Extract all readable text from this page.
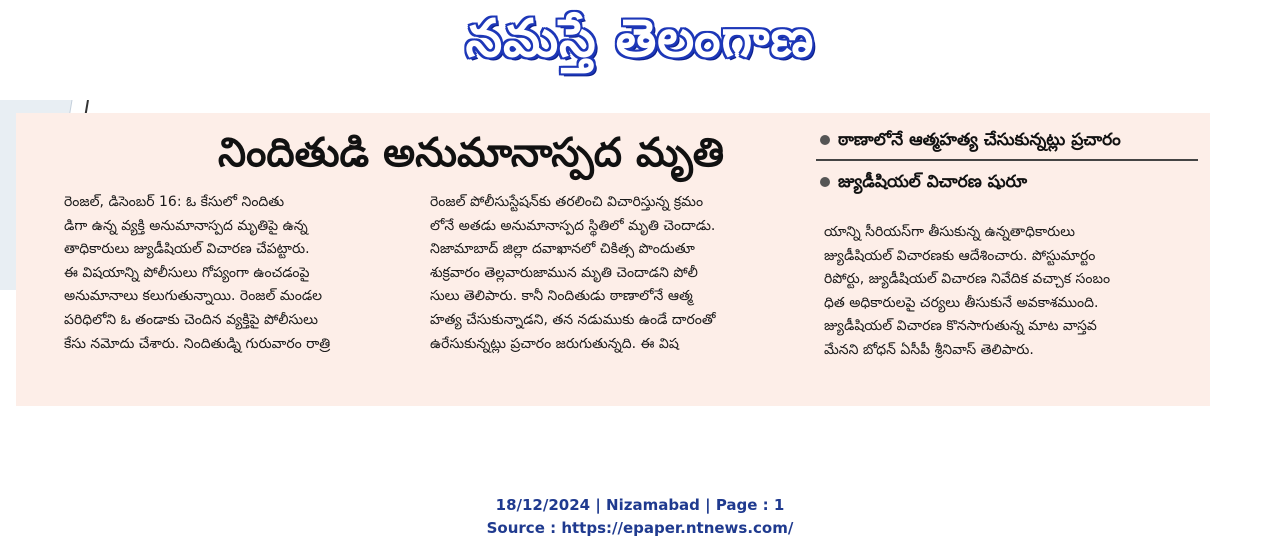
నమస్తే తెలంగాణ
నిందితుడి అనుమానాస్పద మృతి	ఠాణాలోనే ఆత్మహత్య చేసుకున్నట్లు ప్రచారం
జ్యుడీషియల్ విచారణ షురూ
రెంజల్, డిసెంబర్ 16: ఓ కేసులో నిందితు
డిగా ఉన్న వ్యక్తి అనుమానాస్పద మృతిపై ఉన్న
తాధికారులు జ్యుడీషియల్ విచారణ చేపట్టారు.
ఈ విషయాన్ని పోలీసులు గోప్యంగా ఉంచడంపై
అనుమానాలు కలుగుతున్నాయి. రెంజల్ మండల
పరిధిలోని ఓ తండాకు చెందిన వ్యక్తిపై పోలీసులు
కేసు నమోదు చేశారు. నిందితుడ్ని గురువారం రాత్రి
రెంజల్ పోలీసుస్టేషన్‌కు తరలించి విచారిస్తున్న క్రమం
లోనే అతడు అనుమానాస్పద స్థితిలో మృతి చెందాడు.
నిజామాబాద్ జిల్లా దవాఖానలో చికిత్స పొందుతూ
శుక్రవారం తెల్లవారుజామున మృతి చెందాడని పోలీ
సులు తెలిపారు. కానీ నిందితుడు ఠాణాలోనే ఆత్మ
హత్య చేసుకున్నాడని, తన నడుముకు ఉండే దారంతో
ఉరేసుకున్నట్లు ప్రచారం జరుగుతున్నది. ఈ విష
యాన్ని సీరియస్‌గా తీసుకున్న ఉన్నతాధికారులు
జ్యుడీషియల్ విచారణకు ఆదేశించారు. పోస్టుమార్టం
రిపోర్టు, జ్యుడీషియల్ విచారణ నివేదిక వచ్చాక సంబం
ధిత అధికారులపై చర్యలు తీసుకునే అవకాశముంది.
జ్యుడీషియల్ విచారణ కొనసాగుతున్న మాట వాస్తవ
మేనని బోధన్ ఏసీపీ శ్రీనివాస్ తెలిపారు.
18/12/2024 | Nizamabad | Page : 1
Source : https://epaper.ntnews.com/
